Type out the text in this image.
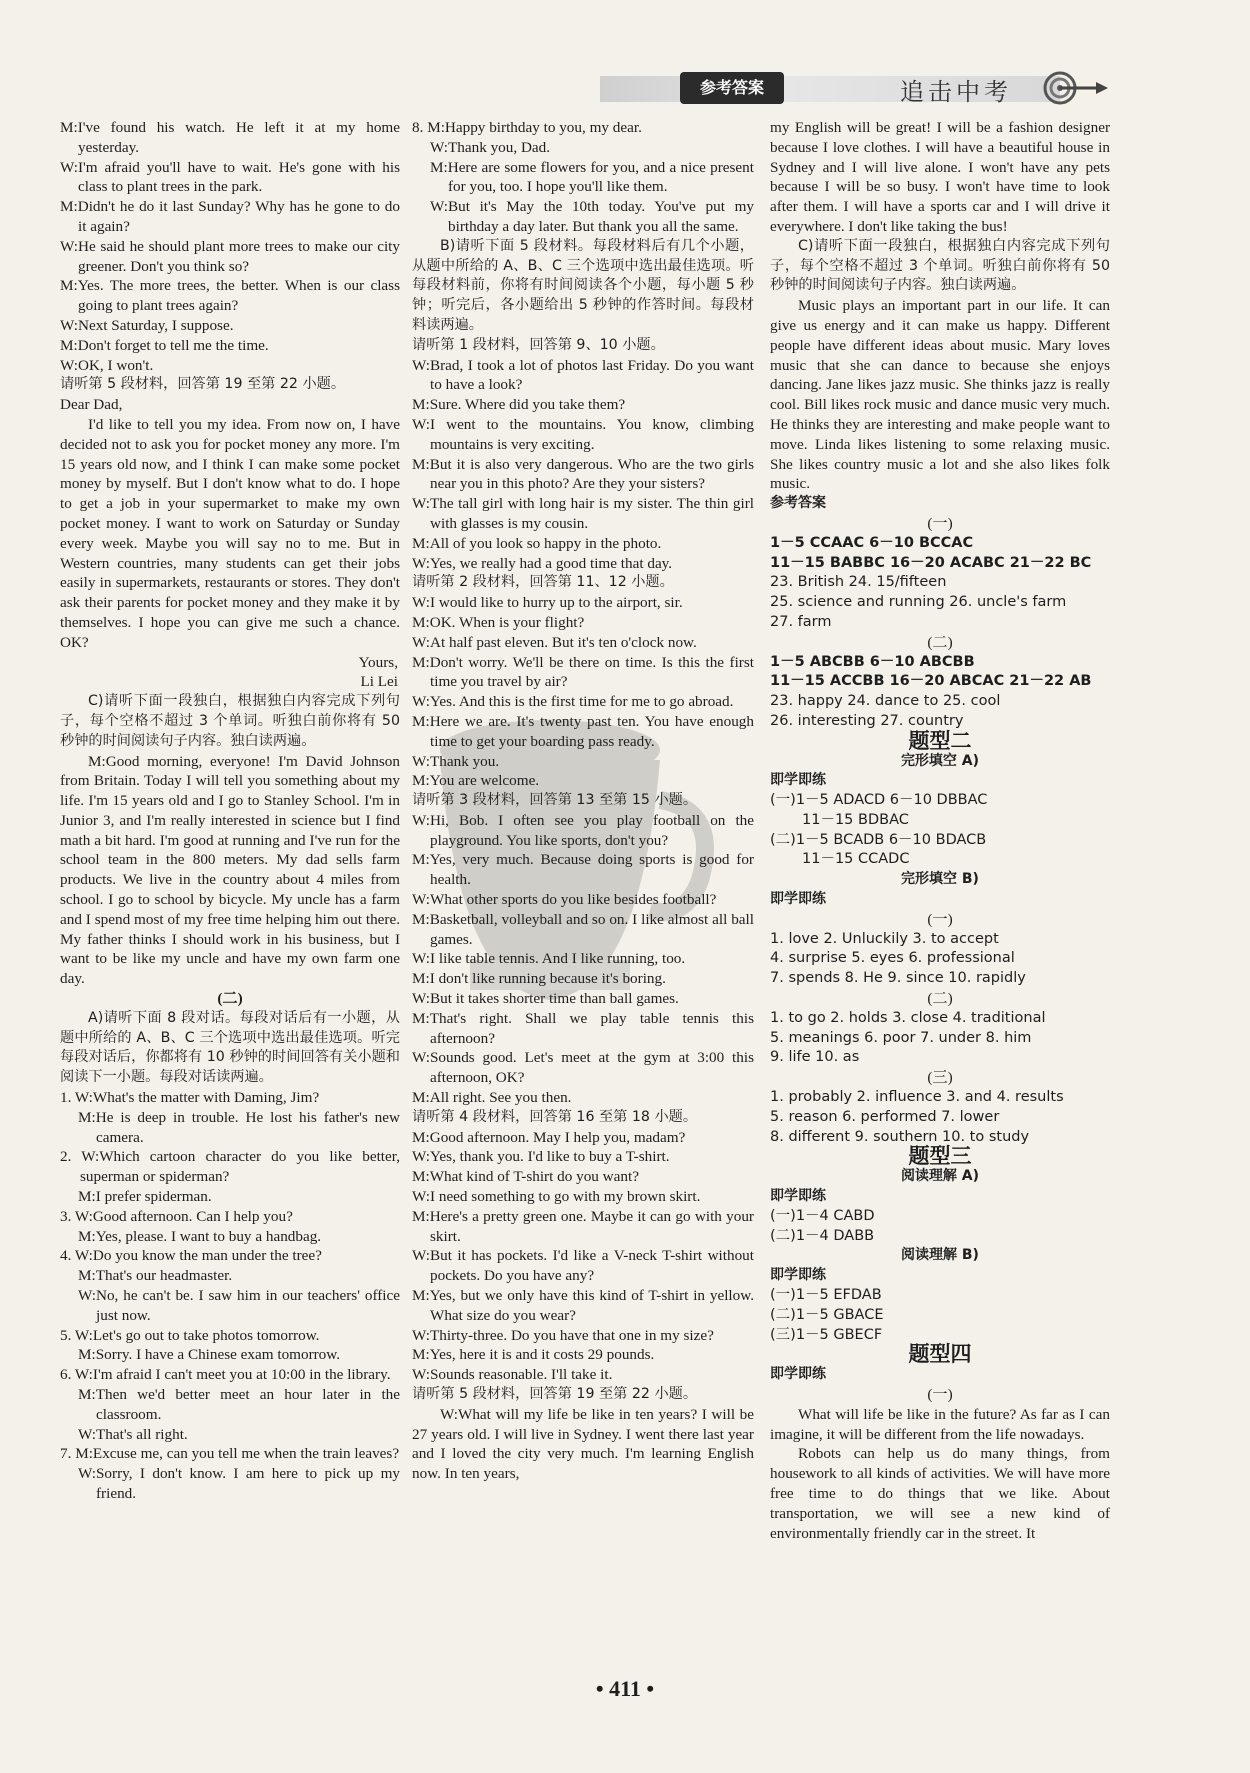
参考答案	追击中考

M:I've found his watch. He left it at my home yesterday.

W:I'm afraid you'll have to wait. He's gone with his class to plant trees in the park.

M:Didn't he do it last Sunday? Why has he gone to do it again?

W:He said he should plant more trees to make our city greener. Don't you think so?

M:Yes. The more trees, the better. When is our class going to plant trees again?

W:Next Saturday, I suppose.

M:Don't forget to tell me the time.

W:OK, I won't.

请听第 5 段材料，回答第 19 至第 22 小题。

Dear Dad,

I'd like to tell you my idea. From now on, I have decided not to ask you for pocket money any more. I'm 15 years old now, and I think I can make some pocket money by myself. But I don't know what to do. I hope to get a job in your supermarket to make my own pocket money. I want to work on Saturday or Sunday every week. Maybe you will say no to me. But in Western countries, many students can get their jobs easily in supermarkets, restaurants or stores. They don't ask their parents for pocket money and they make it by themselves. I hope you can give me such a chance. OK?

Yours,

Li Lei

C)请听下面一段独白，根据独白内容完成下列句子，每个空格不超过 3 个单词。听独白前你将有 50 秒钟的时间阅读句子内容。独白读两遍。

M:Good morning, everyone! I'm David Johnson from Britain. Today I will tell you something about my life. I'm 15 years old and I go to Stanley School. I'm in Junior 3, and I'm really interested in science but I find math a bit hard. I'm good at running and I've run for the school team in the 800 meters. My dad sells farm products. We live in the country about 4 miles from school. I go to school by bicycle. My uncle has a farm and I spend most of my free time helping him out there. My father thinks I should work in his business, but I want to be like my uncle and have my own farm one day.

(二)

A)请听下面 8 段对话。每段对话后有一小题，从题中所给的 A、B、C 三个选项中选出最佳选项。听完每段对话后，你都将有 10 秒钟的时间回答有关小题和阅读下一小题。每段对话读两遍。

1. W:What's the matter with Daming, Jim?

M:He is deep in trouble. He lost his father's new camera.

2. W:Which cartoon character do you like better, superman or spiderman?

M:I prefer spiderman.

3. W:Good afternoon. Can I help you?

M:Yes, please. I want to buy a handbag.

4. W:Do you know the man under the tree?

M:That's our headmaster.

W:No, he can't be. I saw him in our teachers' office just now.

5. W:Let's go out to take photos tomorrow.

M:Sorry. I have a Chinese exam tomorrow.

6. W:I'm afraid I can't meet you at 10:00 in the library.

M:Then we'd better meet an hour later in the classroom.

W:That's all right.

7. M:Excuse me, can you tell me when the train leaves?

W:Sorry, I don't know. I am here to pick up my friend.

8. M:Happy birthday to you, my dear.

W:Thank you, Dad.

M:Here are some flowers for you, and a nice present for you, too. I hope you'll like them.

W:But it's May the 10th today. You've put my birthday a day later. But thank you all the same.

B)请听下面 5 段材料。每段材料后有几个小题，从题中所给的 A、B、C 三个选项中选出最佳选项。听每段材料前，你将有时间阅读各个小题，每小题 5 秒钟；听完后，各小题给出 5 秒钟的作答时间。每段材料读两遍。

请听第 1 段材料，回答第 9、10 小题。

W:Brad, I took a lot of photos last Friday. Do you want to have a look?

M:Sure. Where did you take them?

W:I went to the mountains. You know, climbing mountains is very exciting.

M:But it is also very dangerous. Who are the two girls near you in this photo? Are they your sisters?

W:The tall girl with long hair is my sister. The thin girl with glasses is my cousin.

M:All of you look so happy in the photo.

W:Yes, we really had a good time that day.

请听第 2 段材料，回答第 11、12 小题。

W:I would like to hurry up to the airport, sir.

M:OK. When is your flight?

W:At half past eleven. But it's ten o'clock now.

M:Don't worry. We'll be there on time. Is this the first time you travel by air?

W:Yes. And this is the first time for me to go abroad.

M:Here we are. It's twenty past ten. You have enough time to get your boarding pass ready.

W:Thank you.

M:You are welcome.

请听第 3 段材料，回答第 13 至第 15 小题。

W:Hi, Bob. I often see you play football on the playground. You like sports, don't you?

M:Yes, very much. Because doing sports is good for health.

W:What other sports do you like besides football?

M:Basketball, volleyball and so on. I like almost all ball games.

W:I like table tennis. And I like running, too.

M:I don't like running because it's boring.

W:But it takes shorter time than ball games.

M:That's right. Shall we play table tennis this afternoon?

W:Sounds good. Let's meet at the gym at 3:00 this afternoon, OK?

M:All right. See you then.

请听第 4 段材料，回答第 16 至第 18 小题。

M:Good afternoon. May I help you, madam?

W:Yes, thank you. I'd like to buy a T-shirt.

M:What kind of T-shirt do you want?

W:I need something to go with my brown skirt.

M:Here's a pretty green one. Maybe it can go with your skirt.

W:But it has pockets. I'd like a V-neck T-shirt without pockets. Do you have any?

M:Yes, but we only have this kind of T-shirt in yellow. What size do you wear?

W:Thirty-three. Do you have that one in my size?

M:Yes, here it is and it costs 29 pounds.

W:Sounds reasonable. I'll take it.

请听第 5 段材料，回答第 19 至第 22 小题。

W:What will my life be like in ten years? I will be 27 years old. I will live in Sydney. I went there last year and I loved the city very much. I'm learning English now. In ten years,

my English will be great! I will be a fashion designer because I love clothes. I will have a beautiful house in Sydney and I will live alone. I won't have any pets because I will be so busy. I won't have time to look after them. I will have a sports car and I will drive it everywhere. I don't like taking the bus!

C)请听下面一段独白，根据独白内容完成下列句子，每个空格不超过 3 个单词。听独白前你将有 50 秒钟的时间阅读句子内容。独白读两遍。

Music plays an important part in our life. It can give us energy and it can make us happy. Different people have different ideas about music. Mary loves music that she can dance to because she enjoys dancing. Jane likes jazz music. She thinks jazz is really cool. Bill likes rock music and dance music very much. He thinks they are interesting and make people want to move. Linda likes listening to some relaxing music. She likes country music a lot and she also likes folk music.

参考答案

(一)

1－5 CCAAC 6－10 BCCAC

11－15 BABBC 16－20 ACABC 21－22 BC

23. British 24. 15/fifteen

25. science and running 26. uncle's farm

27. farm

(二)

1－5 ABCBB 6－10 ABCBB

11－15 ACCBB 16－20 ABCAC 21－22 AB

23. happy 24. dance to 25. cool

26. interesting 27. country

题型二

完形填空 A)

即学即练

(一)1－5 ADACD 6－10 DBBAC

11－15 BDBAC

(二)1－5 BCADB 6－10 BDACB

11－15 CCADC

完形填空 B)

即学即练

(一)

1. love 2. Unluckily 3. to accept

4. surprise 5. eyes 6. professional

7. spends 8. He 9. since 10. rapidly

(二)

1. to go 2. holds 3. close 4. traditional

5. meanings 6. poor 7. under 8. him

9. life 10. as

(三)

1. probably 2. influence 3. and 4. results

5. reason 6. performed 7. lower

8. different 9. southern 10. to study

题型三

阅读理解 A)

即学即练

(一)1－4 CABD

(二)1－4 DABB

阅读理解 B)

即学即练

(一)1－5 EFDAB

(二)1－5 GBACE

(三)1－5 GBECF

题型四

即学即练

(一)

What will life be like in the future? As far as I can imagine, it will be different from the life nowadays.

Robots can help us do many things, from housework to all kinds of activities. We will have more free time to do things that we like. About transportation, we will see a new kind of environmentally friendly car in the street. It

• 411 •
